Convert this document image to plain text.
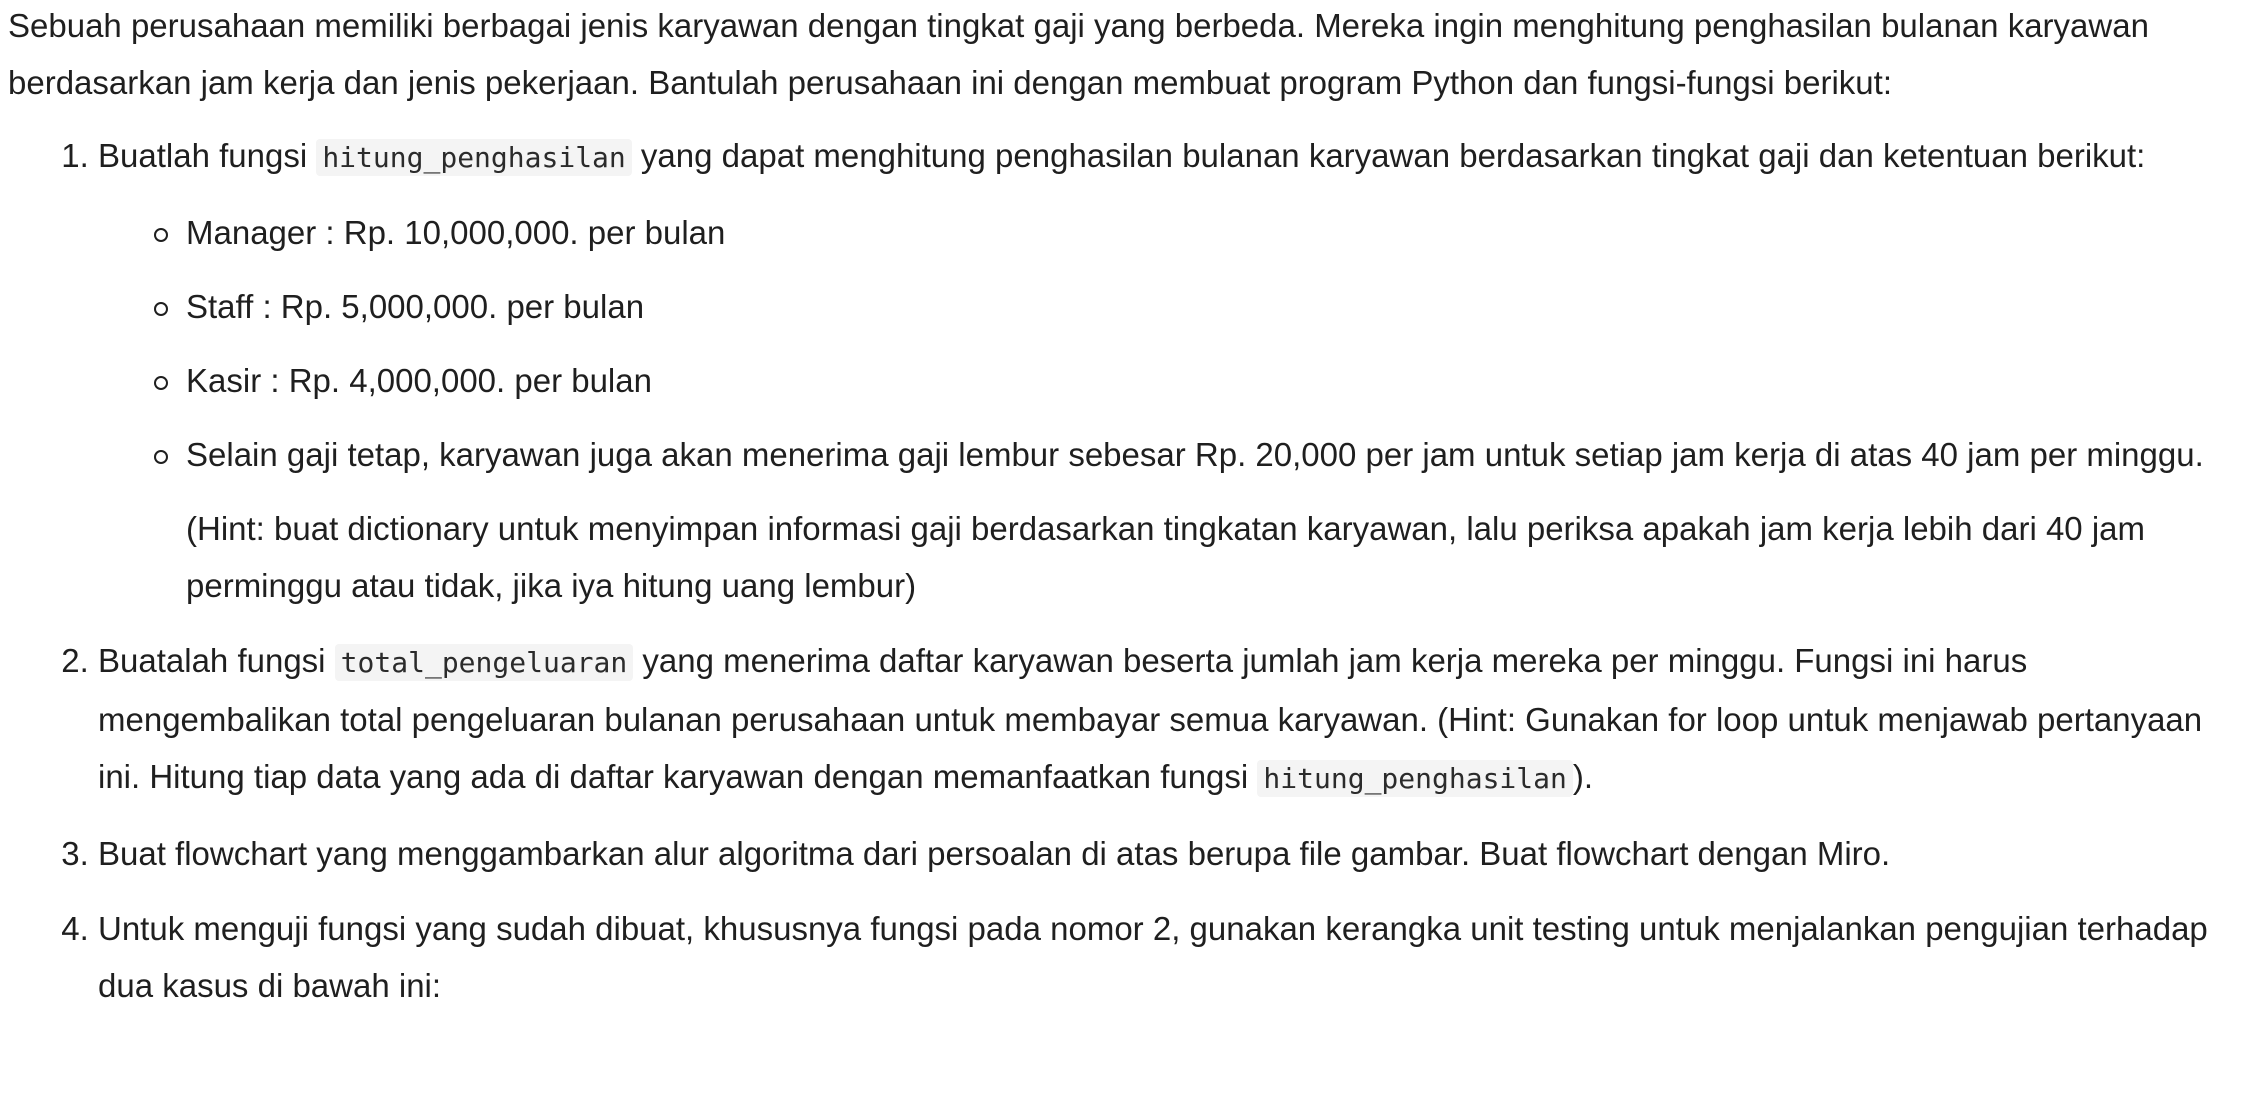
Sebuah perusahaan memiliki berbagai jenis karyawan dengan tingkat gaji yang berbeda. Mereka ingin menghitung penghasilan bulanan karyawan berdasarkan jam kerja dan jenis pekerjaan. Bantulah perusahaan ini dengan membuat program Python dan fungsi-fungsi berikut:

1. Buatlah fungsi hitung_penghasilan yang dapat menghitung penghasilan bulanan karyawan berdasarkan tingkat gaji dan ketentuan berikut:
Manager : Rp. 10,000,000. per bulan
Staff : Rp. 5,000,000. per bulan
Kasir : Rp. 4,000,000. per bulan
Selain gaji tetap, karyawan juga akan menerima gaji lembur sebesar Rp. 20,000 per jam untuk setiap jam kerja di atas 40 jam per minggu.
(Hint: buat dictionary untuk menyimpan informasi gaji berdasarkan tingkatan karyawan, lalu periksa apakah jam kerja lebih dari 40 jam perminggu atau tidak, jika iya hitung uang lembur)
2. Buatalah fungsi total_pengeluaran yang menerima daftar karyawan beserta jumlah jam kerja mereka per minggu. Fungsi ini harus mengembalikan total pengeluaran bulanan perusahaan untuk membayar semua karyawan. (Hint: Gunakan for loop untuk menjawab pertanyaan ini. Hitung tiap data yang ada di daftar karyawan dengan memanfaatkan fungsi hitung_penghasilan ).
3. Buat flowchart yang menggambarkan alur algoritma dari persoalan di atas berupa file gambar. Buat flowchart dengan Miro.
4. Untuk menguji fungsi yang sudah dibuat, khususnya fungsi pada nomor 2, gunakan kerangka unit testing untuk menjalankan pengujian terhadap dua kasus di bawah ini:
